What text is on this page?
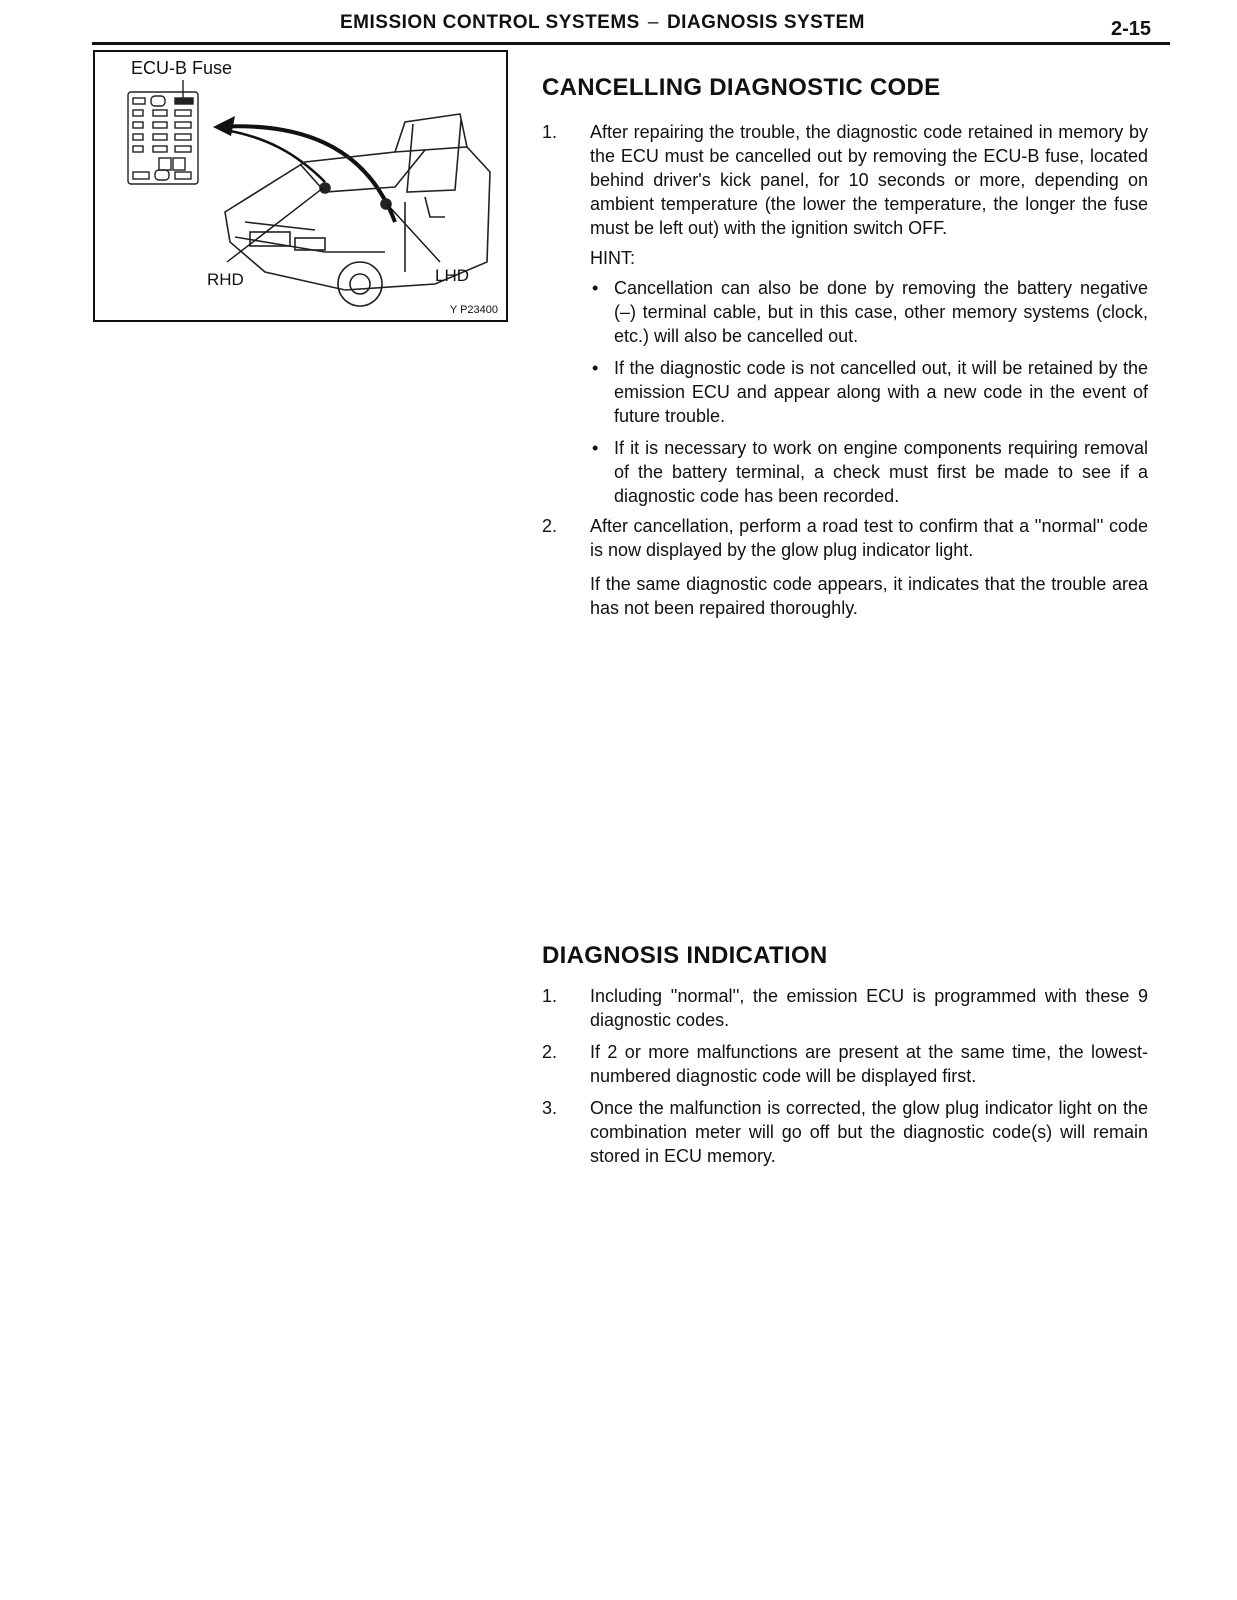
EMISSION CONTROL SYSTEMS – DIAGNOSIS SYSTEM	2-15
ECU-B Fuse
RHD	LHD
Y P23400
CANCELLING DIAGNOSTIC CODE
1. After repairing the trouble, the diagnostic code retained in memory by the ECU must be cancelled out by removing the ECU-B fuse, located behind driver's kick panel, for 10 seconds or more, depending on ambient temperature (the lower the temperature, the longer the fuse must be left out) with the ignition switch OFF.
HINT:
• Cancellation can also be done by removing the battery negative (–) terminal cable, but in this case, other memory systems (clock, etc.) will also be cancelled out.
• If the diagnostic code is not cancelled out, it will be retained by the emission ECU and appear along with a new code in the event of future trouble.
• If it is necessary to work on engine components requiring removal of the battery terminal, a check must first be made to see if a diagnostic code has been recorded.
2. After cancellation, perform a road test to confirm that a ''normal'' code is now displayed by the glow plug indicator light.
If the same diagnostic code appears, it indicates that the trouble area has not been repaired thoroughly.
DIAGNOSIS INDICATION
1. Including ''normal'', the emission ECU is programmed with these 9 diagnostic codes.
2. If 2 or more malfunctions are present at the same time, the lowest-numbered diagnostic code will be displayed first.
3. Once the malfunction is corrected, the glow plug indicator light on the combination meter will go off but the diagnostic code(s) will remain stored in ECU memory.
